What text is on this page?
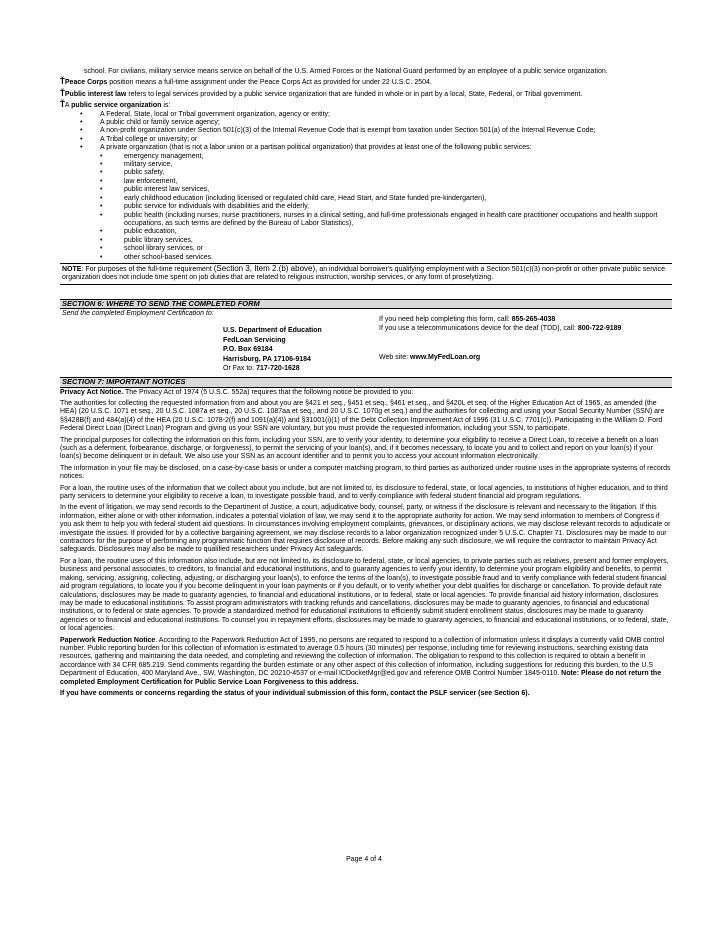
school. For civilians, military service means service on behalf of the U.S. Armed Forces or the National Guard performed by an employee of a public service organization.

ŤPeace Corps position means a full-time assignment under the Peace Corps Act as provided for under 22 U.S.C. 2504.

ŤPublic interest law refers to legal services provided by a public service organization that are funded in whole or in part by a local, State, Federal, or Tribal government.

ŤA public service organization is:

• A Federal, State, local or Tribal government organization, agency or entity;
• A public child or family service agency;
• A non-profit organization under Section 501(c)(3) of the Internal Revenue Code that is exempt from taxation under Section 501(a) of the Internal Revenue Code;
• A Tribal college or university; or
• A private organization (that is not a labor union or a partisan political organization) that provides at least one of the following public services:
• emergency management,
• military service,
• public safety,
• law enforcement,
• public interest law services,
• early childhood education (including licensed or regulated child care, Head Start, and State funded pre-kindergarten),
• public service for individuals with disabilities and the elderly,
• public health (including nurses, nurse practitioners, nurses in a clinical setting, and full-time professionals engaged in health care practitioner occupations and health support occupations, as such terms are defined by the Bureau of Labor Statistics),
• public education,
• public library services,
• school library services, or
• other school-based services.
NOTE: For purposes of the full-time requirement (Section 3, Item 2.(b) above), an individual borrower's qualifying employment with a Section 501(c)(3) non-profit or other private public service organization does not include time spent on job duties that are related to religious instruction, worship services, or any form of proselytizing.
SECTION 6: WHERE TO SEND THE COMPLETED FORM

Send the completed Employment Certification to:

U.S. Department of Education
FedLoan Servicing
P.O. Box 69184
Harrisburg, PA 17106-9184
Or Fax to: 717-720-1628
If you need help completing this form, call: 855-265-4038
If you use a telecommunications device for the deaf (TDD), call: 800-722-9189
Web site: www.MyFedLoan.org
SECTION 7: IMPORTANT NOTICES

Privacy Act Notice. The Privacy Act of 1974 (5 U.S.C. 552a) requires that the following notice be provided to you:

The authorities for collecting the requested information from and about you are §421 et seq., §451 et seq., §461 et seq., and §420L et seq. of the Higher Education Act of 1965, as amended (the HEA) (20 U.S.C. 1071 et seq., 20 U.S.C. 1087a et seq., 20 U.S.C. 1087aa et seq., and 20 U.S.C. 1070g et seq.) and the authorities for collecting and using your Social Security Number (SSN) are §§428B(f) and 484(a)(4) of the HEA (20 U.S.C. 1078-2(f) and 1091(a)(4)) and §31001(i)(1) of the Debt Collection Improvement Act of 1996 (31 U.S.C. 7701(c)). Participating in the William D. Ford Federal Direct Loan (Direct Loan) Program and giving us your SSN are voluntary, but you must provide the requested information, including your SSN, to participate.

The principal purposes for collecting the information on this form, including your SSN, are to verify your identity, to determine your eligibility to receive a Direct Loan, to receive a benefit on a loan (such as a deferment, forbearance, discharge, or forgiveness), to permit the servicing of your loan(s), and, if it becomes necessary, to locate you and to collect and report on your loan(s) if your loan(s) become delinquent or in default. We also use your SSN as an account identifier and to permit you to access your account information electronically.

The information in your file may be disclosed, on a case-by-case basis or under a computer matching program, to third parties as authorized under routine uses in the appropriate systems of records notices.

For a loan, the routine uses of the information that we collect about you include, but are not limited to, its disclosure to federal, state, or local agencies, to institutions of higher education, and to third party servicers to determine your eligibility to receive a loan, to investigate possible fraud, and to verify compliance with federal student financial aid program regulations.

In the event of litigation, we may send records to the Department of Justice, a court, adjudicative body, counsel, party, or witness if the disclosure is relevant and necessary to the litigation. If this information, either alone or with other information, indicates a potential violation of law, we may send it to the appropriate authority for action. We may send information to members of Congress if you ask them to help you with federal student aid questions. In circumstances involving employment complaints, grievances, or disciplinary actions, we may disclose relevant records to adjudicate or investigate the issues. If provided for by a collective bargaining agreement, we may disclose records to a labor organization recognized under 5 U.S.C. Chapter 71. Disclosures may be made to our contractors for the purpose of performing any programmatic function that requires disclosure of records. Before making any such disclosure, we will require the contractor to maintain Privacy Act safeguards. Disclosures may also be made to qualified researchers under Privacy Act safeguards.

For a loan, the routine uses of this information also include, but are not limited to, its disclosure to federal, state, or local agencies, to private parties such as relatives, present and former employers, business and personal associates, to creditors, to financial and educational institutions, and to guaranty agencies to verify your identity, to determine your program eligibility and benefits, to permit making, servicing, assigning, collecting, adjusting, or discharging your loan(s), to enforce the terms of the loan(s), to investigate possible fraud and to verify compliance with federal student financial aid program regulations, to locate you if you become delinquent in your loan payments or if you default, or to verify whether your debt qualifies for discharge or cancellation. To provide default rate calculations, disclosures may be made to guaranty agencies, to financial and educational institutions, or to federal, state or local agencies. To provide financial aid history information, disclosures may be made to educational institutions. To assist program administrators with tracking refunds and cancellations, disclosures may be made to guaranty agencies, to financial and educational institutions, or to federal or state agencies. To provide a standardized method for educational institutions to efficiently submit student enrollment status, disclosures may be made to guaranty agencies or to financial and educational institutions. To counsel you in repayment efforts, disclosures may be made to guaranty agencies, to financial and educational institutions, or to federal, state, or local agencies.

Paperwork Reduction Notice. According to the Paperwork Reduction Act of 1995, no persons are required to respond to a collection of information unless it displays a currently valid OMB control number. Public reporting burden for this collection of information is estimated to average 0.5 hours (30 minutes) per response, including time for reviewing instructions, searching existing data resources, gathering and maintaining the data needed, and completing and reviewing the collection of information. The obligation to respond to this collection is required to obtain a benefit in accordance with 34 CFR 685.219. Send comments regarding the burden estimate or any other aspect of this collection of information, including suggestions for reducing this burden, to the U.S Department of Education, 400 Maryland Ave., SW, Washington, DC 20210-4537 or e-mail ICDocketMgr@ed.gov and reference OMB Control Number 1845-0110. Note: Please do not return the completed Employment Certification for Public Service Loan Forgiveness to this address.

If you have comments or concerns regarding the status of your individual submission of this form, contact the PSLF servicer (see Section 6).

Page 4 of 4
